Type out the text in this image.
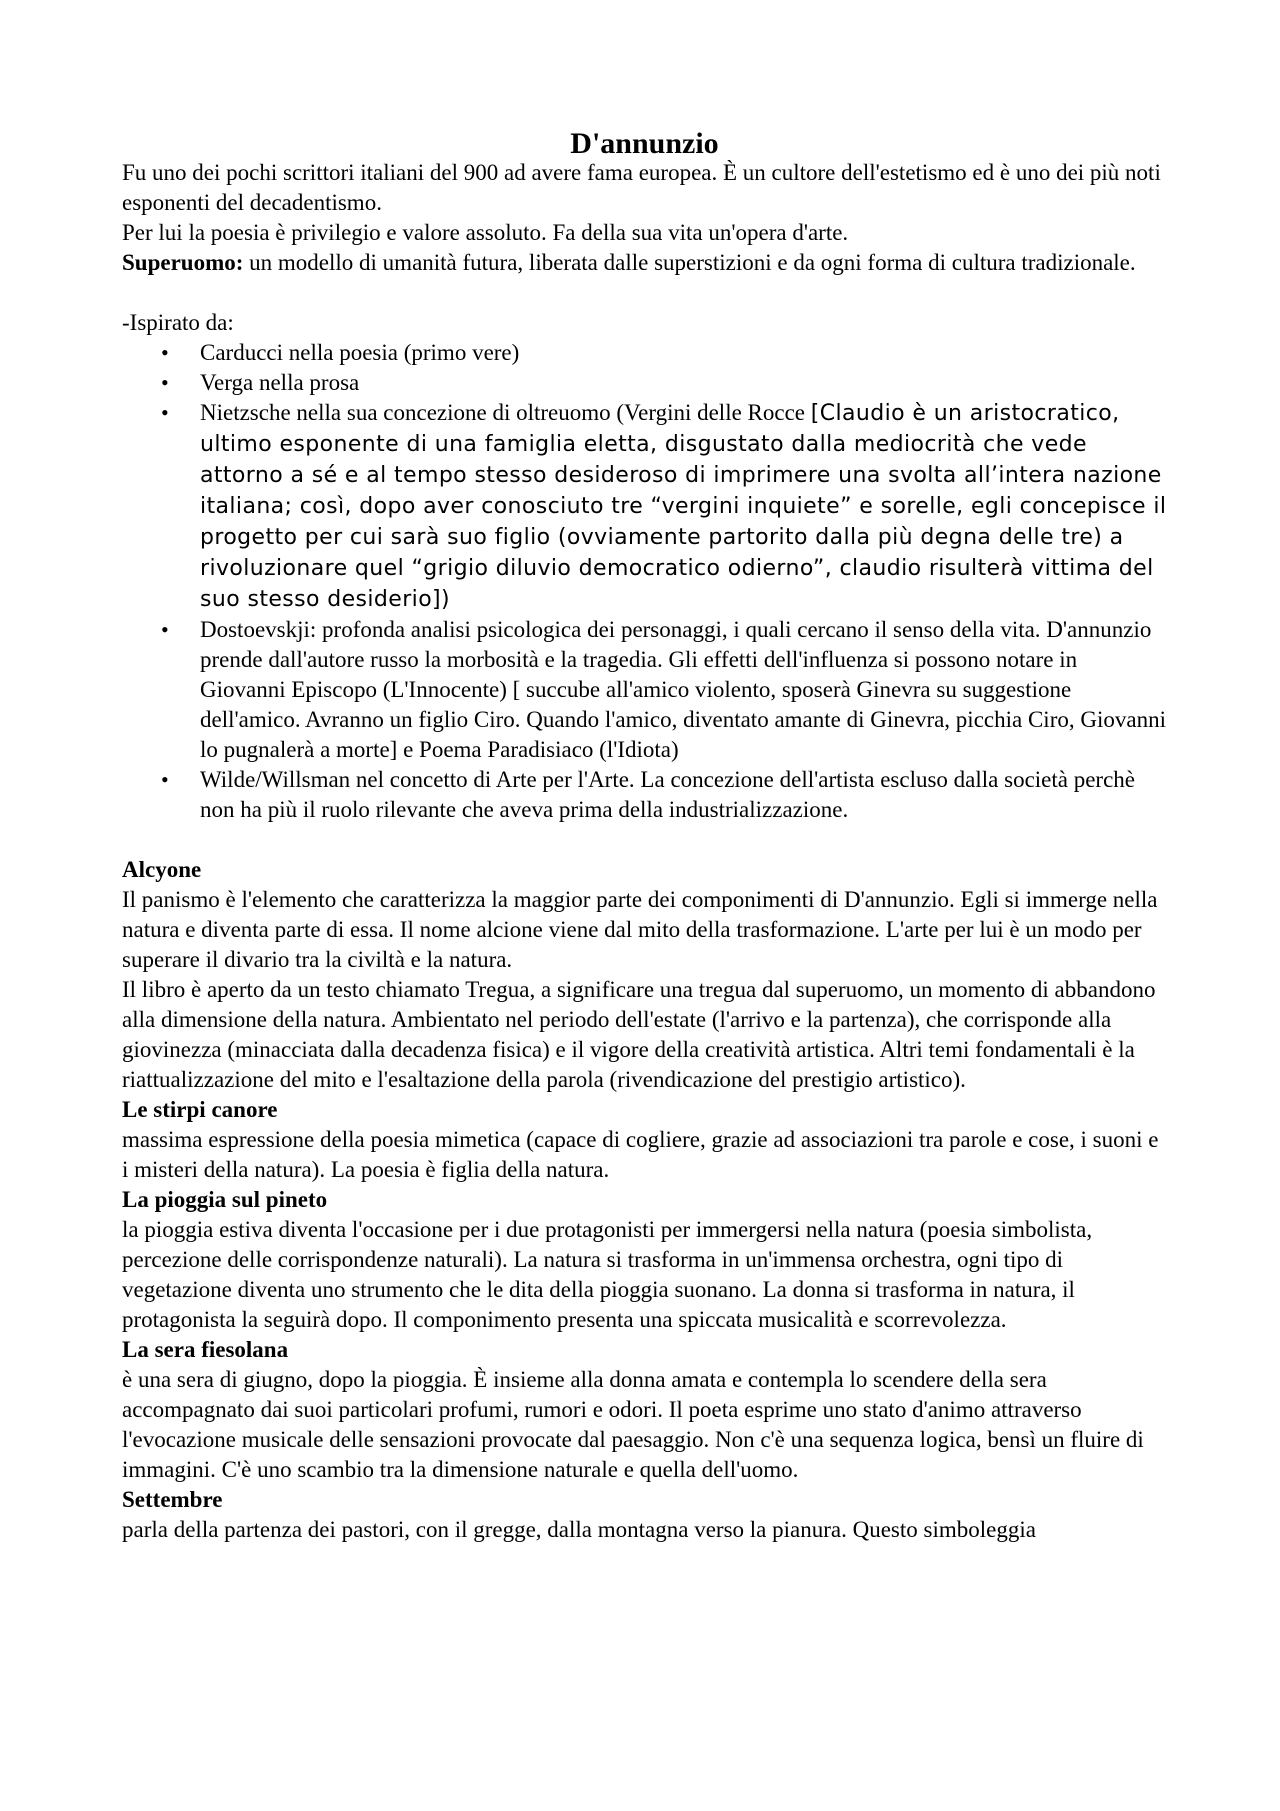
D'annunzio

Fu uno dei pochi scrittori italiani del 900 ad avere fama europea. È un cultore dell'estetismo ed è uno dei più noti esponenti del decadentismo.

Per lui la poesia è privilegio e valore assoluto. Fa della sua vita un'opera d'arte.

Superuomo: un modello di umanità futura, liberata dalle superstizioni e da ogni forma di cultura tradizionale.

-Ispirato da:

• Carducci nella poesia (primo vere)
• Verga nella prosa
• Nietzsche nella sua concezione di oltreuomo (Vergini delle Rocce [Claudio è un aristocratico, ultimo esponente di una famiglia eletta, disgustato dalla mediocrità che vede attorno a sé e al tempo stesso desideroso di imprimere una svolta all’intera nazione italiana; così, dopo aver conosciuto tre “vergini inquiete” e sorelle, egli concepisce il progetto per cui sarà suo figlio (ovviamente partorito dalla più degna delle tre) a rivoluzionare quel “grigio diluvio democratico odierno”, claudio risulterà vittima del suo stesso desiderio])
• Dostoevskji: profonda analisi psicologica dei personaggi, i quali cercano il senso della vita. D'annunzio prende dall'autore russo la morbosità e la tragedia. Gli effetti dell'influenza si possono notare in Giovanni Episcopo (L'Innocente) [ succube all'amico violento, sposerà Ginevra su suggestione dell'amico. Avranno un figlio Ciro. Quando l'amico, diventato amante di Ginevra, picchia Ciro, Giovanni lo pugnalerà a morte] e Poema Paradisiaco (l'Idiota)
• Wilde/Willsman nel concetto di Arte per l'Arte. La concezione dell'artista escluso dalla società perchè non ha più il ruolo rilevante che aveva prima della industrializzazione.

Alcyone

Il panismo è l'elemento che caratterizza la maggior parte dei componimenti di D'annunzio. Egli si immerge nella natura e diventa parte di essa. Il nome alcione viene dal mito della trasformazione. L'arte per lui è un modo per superare il divario tra la civiltà e la natura.

Il libro è aperto da un testo chiamato Tregua, a significare una tregua dal superuomo, un momento di abbandono alla dimensione della natura. Ambientato nel periodo dell'estate (l'arrivo e la partenza), che corrisponde alla giovinezza (minacciata dalla decadenza fisica) e il vigore della creatività artistica. Altri temi fondamentali è la riattualizzazione del mito e l'esaltazione della parola (rivendicazione del prestigio artistico).

Le stirpi canore

massima espressione della poesia mimetica (capace di cogliere, grazie ad associazioni tra parole e cose, i suoni e i misteri della natura). La poesia è figlia della natura.

La pioggia sul pineto

la pioggia estiva diventa l'occasione per i due protagonisti per immergersi nella natura (poesia simbolista, percezione delle corrispondenze naturali). La natura si trasforma in un'immensa orchestra, ogni tipo di vegetazione diventa uno strumento che le dita della pioggia suonano. La donna si trasforma in natura, il protagonista la seguirà dopo. Il componimento presenta una spiccata musicalità e scorrevolezza.

La sera fiesolana

è una sera di giugno, dopo la pioggia. È insieme alla donna amata e contempla lo scendere della sera accompagnato dai suoi particolari profumi, rumori e odori. Il poeta esprime uno stato d'animo attraverso l'evocazione musicale delle sensazioni provocate dal paesaggio. Non c'è una sequenza logica, bensì un fluire di immagini. C'è uno scambio tra la dimensione naturale e quella dell'uomo.

Settembre

parla della partenza dei pastori, con il gregge, dalla montagna verso la pianura. Questo simboleggia
